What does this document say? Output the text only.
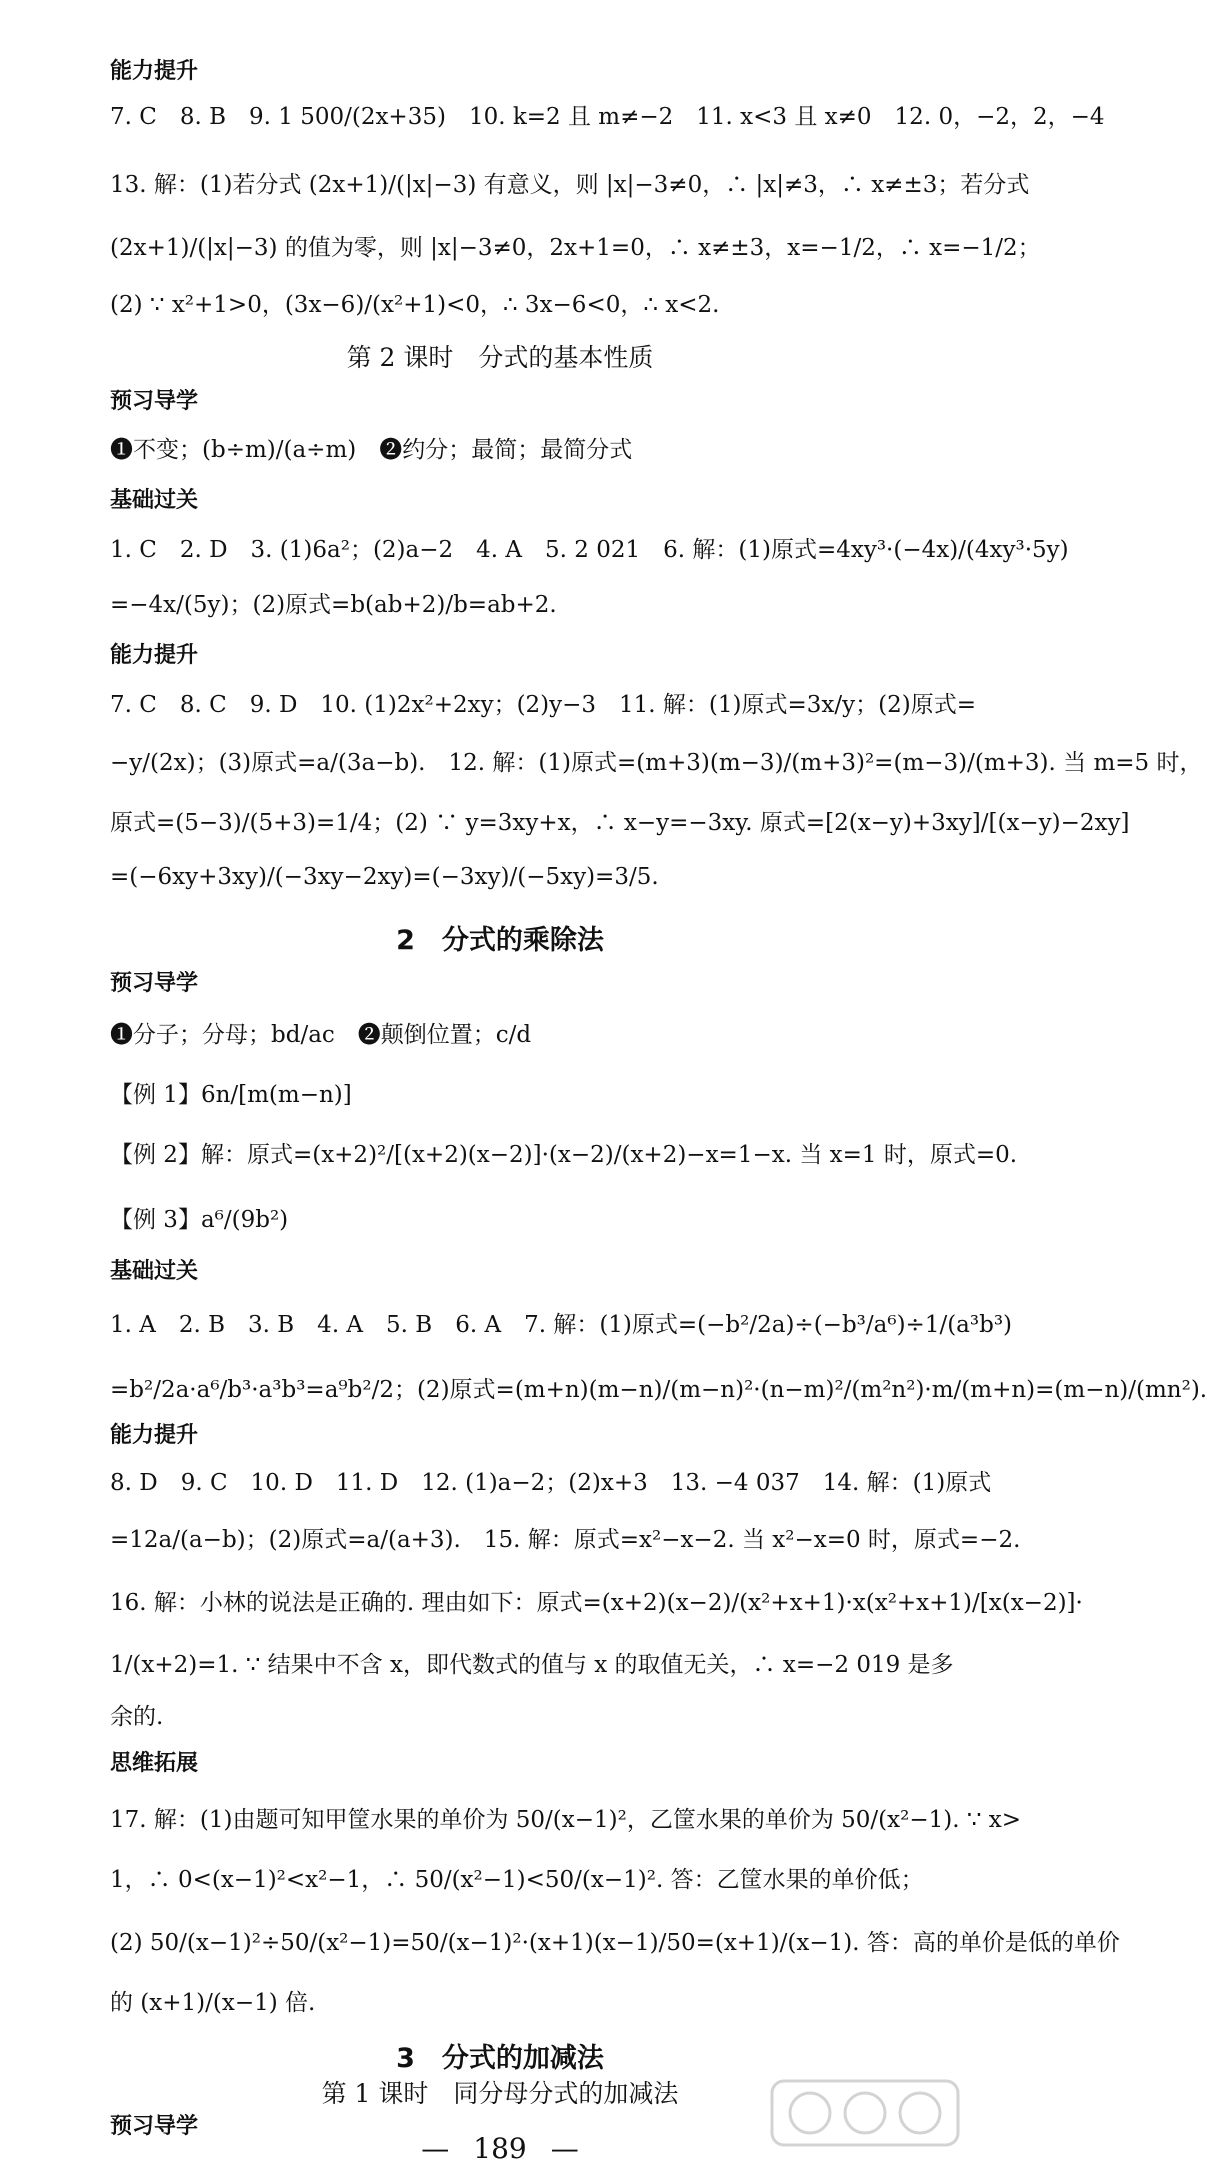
能力提升
7. C　8. B　9. 1 500/(2x+35)　10. k=2 且 m≠−2　11. x<3 且 x≠0　12. 0，−2，2，−4
13. 解：(1)若分式 (2x+1)/(|x|−3) 有意义，则 |x|−3≠0，∴ |x|≠3，∴ x≠±3；若分式
(2x+1)/(|x|−3) 的值为零，则 |x|−3≠0，2x+1=0，∴ x≠±3，x=−1/2，∴ x=−1/2；
(2) ∵ x²+1>0，(3x−6)/(x²+1)<0，∴ 3x−6<0，∴ x<2.
第 2 课时　分式的基本性质
预习导学
❶不变；(b÷m)/(a÷m)　❷约分；最简；最简分式
基础过关
1. C　2. D　3. (1)6a²；(2)a−2　4. A　5. 2 021　6. 解：(1)原式=4xy³·(−4x)/(4xy³·5y)
=−4x/(5y)；(2)原式=b(ab+2)/b=ab+2.
能力提升
7. C　8. C　9. D　10. (1)2x²+2xy；(2)y−3　11. 解：(1)原式=3x/y；(2)原式=
−y/(2x)；(3)原式=a/(3a−b).　12. 解：(1)原式=(m+3)(m−3)/(m+3)²=(m−3)/(m+3). 当 m=5 时，
原式=(5−3)/(5+3)=1/4；(2) ∵ y=3xy+x，∴ x−y=−3xy. 原式=[2(x−y)+3xy]/[(x−y)−2xy]
=(−6xy+3xy)/(−3xy−2xy)=(−3xy)/(−5xy)=3/5.
2　分式的乘除法
预习导学
❶分子；分母；bd/ac　❷颠倒位置；c/d
【例 1】6n/[m(m−n)]
【例 2】解：原式=(x+2)²/[(x+2)(x−2)]·(x−2)/(x+2)−x=1−x. 当 x=1 时，原式=0.
【例 3】a⁶/(9b²)
基础过关
1. A　2. B　3. B　4. A　5. B　6. A　7. 解：(1)原式=(−b²/2a)÷(−b³/a⁶)÷1/(a³b³)
=b²/2a·a⁶/b³·a³b³=a⁹b²/2；(2)原式=(m+n)(m−n)/(m−n)²·(n−m)²/(m²n²)·m/(m+n)=(m−n)/(mn²).
能力提升
8. D　9. C　10. D　11. D　12. (1)a−2；(2)x+3　13. −4 037　14. 解：(1)原式
=12a/(a−b)；(2)原式=a/(a+3).　15. 解：原式=x²−x−2. 当 x²−x=0 时，原式=−2.
16. 解：小林的说法是正确的. 理由如下：原式=(x+2)(x−2)/(x²+x+1)·x(x²+x+1)/[x(x−2)]·
1/(x+2)=1. ∵ 结果中不含 x，即代数式的值与 x 的取值无关，∴ x=−2 019 是多
余的.
思维拓展
17. 解：(1)由题可知甲筐水果的单价为 50/(x−1)²，乙筐水果的单价为 50/(x²−1). ∵ x>
1，∴ 0<(x−1)²<x²−1，∴ 50/(x²−1)<50/(x−1)². 答：乙筐水果的单价低；
(2) 50/(x−1)²÷50/(x²−1)=50/(x−1)²·(x+1)(x−1)/50=(x+1)/(x−1). 答：高的单价是低的单价
的 (x+1)/(x−1) 倍.
3　分式的加减法
第 1 课时　同分母分式的加减法
预习导学
— 189 —
